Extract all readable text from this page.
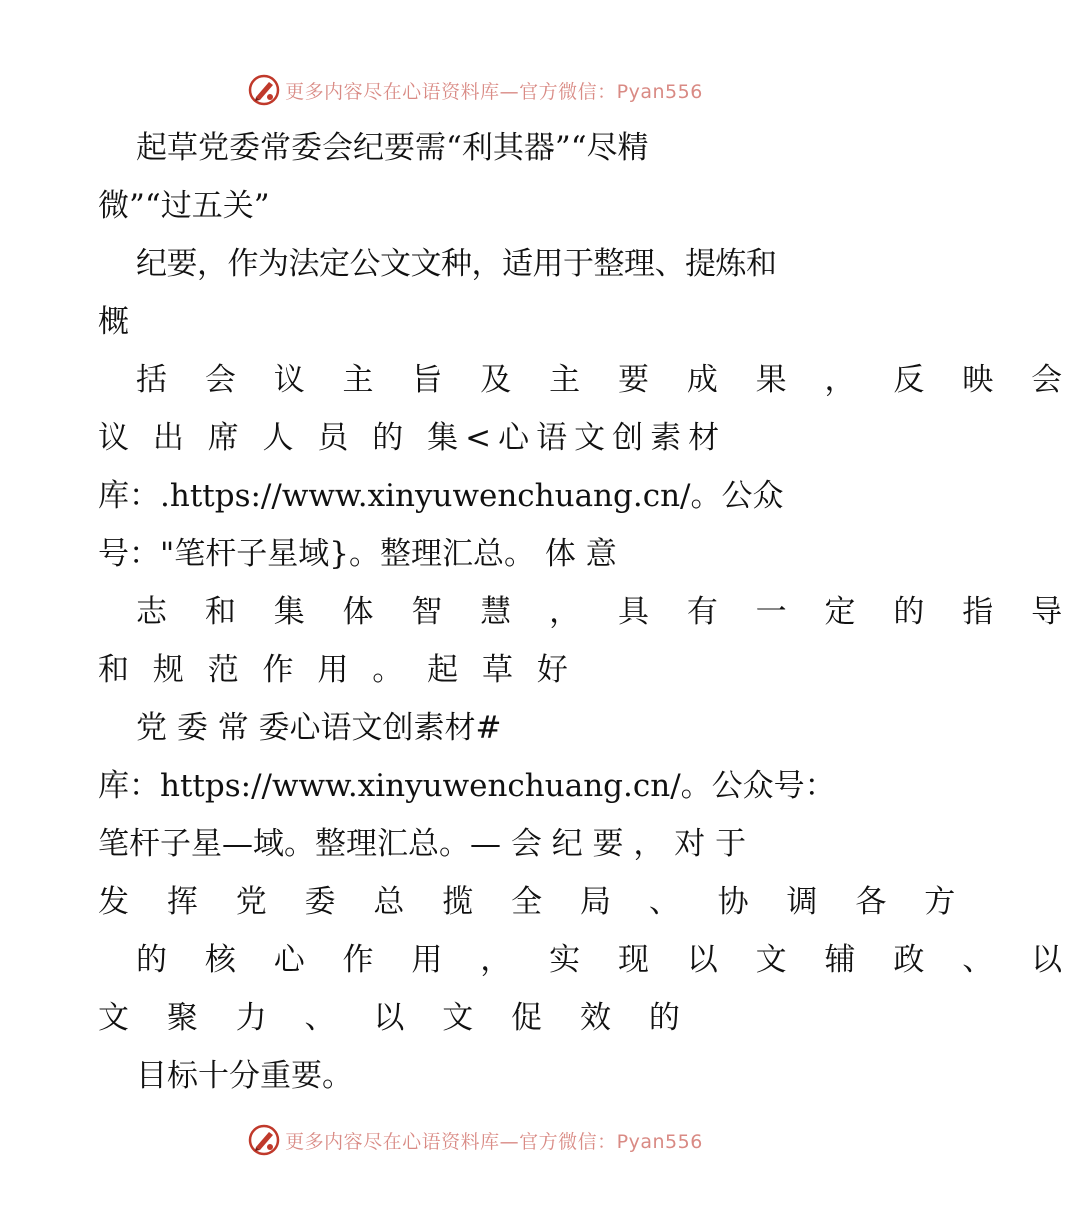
更多内容尽在心语资料库—官方微信：Pyan556
起草党委常委会纪要需“利其器”“尽精
微”“过五关”
纪要，作为法定公文文种，适用于整理、提炼和
概
括 会 议 主 旨 及 主 要 成 果 ， 反 映 会
议 出 席 人 员 的 集<心语文创素材
库：.https://www.xinyuwenchuang.cn/。公众
号："笔杆子星域}。整理汇总。 体 意
志 和 集 体 智 慧 ， 具 有 一 定 的 指 导
和 规 范 作 用 。 起 草 好
党 委 常 委心语文创素材#
库：https://www.xinyuwenchuang.cn/。公众号：
笔杆子星—域。整理汇总。— 会 纪 要 ， 对 于
发 挥 党 委 总 揽 全 局 、 协 调 各 方
的 核 心 作 用 ， 实 现 以 文 辅 政 、 以
文 聚 力 、 以 文 促 效 的
目标十分重要。
更多内容尽在心语资料库—官方微信：Pyan556
